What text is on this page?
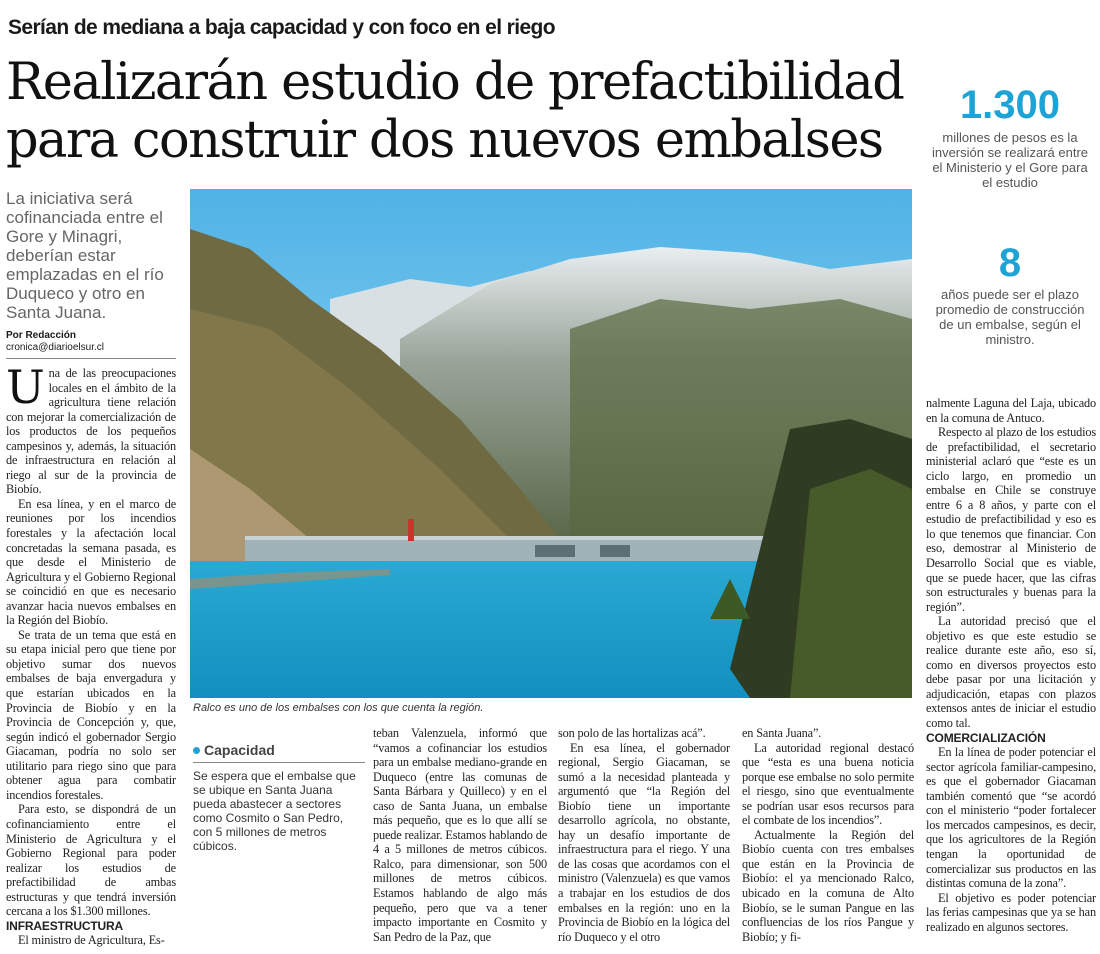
Serían de mediana a baja capacidad y con foco en el riego
Realizarán estudio de prefactibilidad
para construir dos nuevos embalses
1.300
millones de pesos es la inversión se realizará entre el Ministerio y el Gore para el estudio
8
años puede ser el plazo promedio de construcción de un embalse, según el ministro.
La iniciativa será cofinanciada entre el Gore y Minagri, deberían estar emplazadas en el río Duqueco y otro en Santa Juana.
Por Redacción
cronica@diarioelsur.cl
Ralco es uno de los embalses con los que cuenta la región.

Una de las preocupaciones locales en el ámbito de la agricultura tiene relación con mejorar la comercialización de los productos de los pequeños campesinos y, además, la situación de infraestructura en relación al riego al sur de la provincia de Biobío.

En esa línea, y en el marco de reuniones por los incendios forestales y la afectación local concretadas la semana pasada, es que desde el Ministerio de Agricultura y el Gobierno Regional se coincidió en que es necesario avanzar hacia nuevos embalses en la Región del Biobío.

Se trata de un tema que está en su etapa inicial pero que tiene por objetivo sumar dos nuevos embalses de baja envergadura y que estarían ubicados en la Provincia de Biobío y en la Provincia de Concepción y, que, según indicó el gobernador Sergio Giacaman, podría no solo ser utilitario para riego sino que para obtener agua para combatir incendios forestales.

Para esto, se dispondrá de un cofinanciamiento entre el Ministerio de Agricultura y el Gobierno Regional para poder realizar los estudios de prefactibilidad de ambas estructuras y que tendrá inversión cercana a los $1.300 millones.

INFRAESTRUCTURA

El ministro de Agricultura, Es-

Capacidad
Se espera que el embalse que se ubique en Santa Juana pueda abastecer a sectores como Cosmito o San Pedro, con 5 millones de metros cúbicos.

teban Valenzuela, informó que “vamos a cofinanciar los estudios para un embalse mediano-grande en Duqueco (entre las comunas de Santa Bárbara y Quilleco) y en el caso de Santa Juana, un embalse más pequeño, que es lo que allí se puede realizar. Estamos hablando de 4 a 5 millones de metros cúbicos. Ralco, para dimensionar, son 500 millones de metros cúbicos. Estamos hablando de algo más pequeño, pero que va a tener impacto importante en Cosmito y San Pedro de la Paz, que

son polo de las hortalizas acá”.

En esa línea, el gobernador regional, Sergio Giacaman, se sumó a la necesidad planteada y argumentó que “la Región del Biobío tiene un importante desarrollo agrícola, no obstante, hay un desafío importante de infraestructura para el riego. Y una de las cosas que acordamos con el ministro (Valenzuela) es que vamos a trabajar en los estudios de dos embalses en la región: uno en la Provincia de Biobío en la lógica del río Duqueco y el otro

en Santa Juana”.

La autoridad regional destacó que “esta es una buena noticia porque ese embalse no solo permite el riesgo, sino que eventualmente se podrían usar esos recursos para el combate de los incendios”.

Actualmente la Región del Biobío cuenta con tres embalses que están en la Provincia de Biobío: el ya mencionado Ralco, ubicado en la comuna de Alto Biobío, se le suman Pangue en las confluencias de los ríos Pangue y Biobío; y fi-

nalmente Laguna del Laja, ubicado en la comuna de Antuco.

Respecto al plazo de los estudios de prefactibilidad, el secretario ministerial aclaró que “este es un ciclo largo, en promedio un embalse en Chile se construye entre 6 a 8 años, y parte con el estudio de prefactibilidad y eso es lo que tenemos que financiar. Con eso, demostrar al Ministerio de Desarrollo Social que es viable, que se puede hacer, que las cifras son estructurales y buenas para la región”.

La autoridad precisó que el objetivo es que este estudio se realice durante este año, eso sí, como en diversos proyectos esto debe pasar por una licitación y adjudicación, etapas con plazos extensos antes de iniciar el estudio como tal.

COMERCIALIZACIÓN

En la línea de poder potenciar el sector agrícola familiar-campesino, es que el gobernador Giacaman también comentó que “se acordó con el ministerio “poder fortalecer los mercados campesinos, es decir, que los agricultores de la Región tengan la oportunidad de comercializar sus productos en las distintas comuna de la zona”.

El objetivo es poder potenciar las ferias campesinas que ya se han realizado en algunos sectores.
